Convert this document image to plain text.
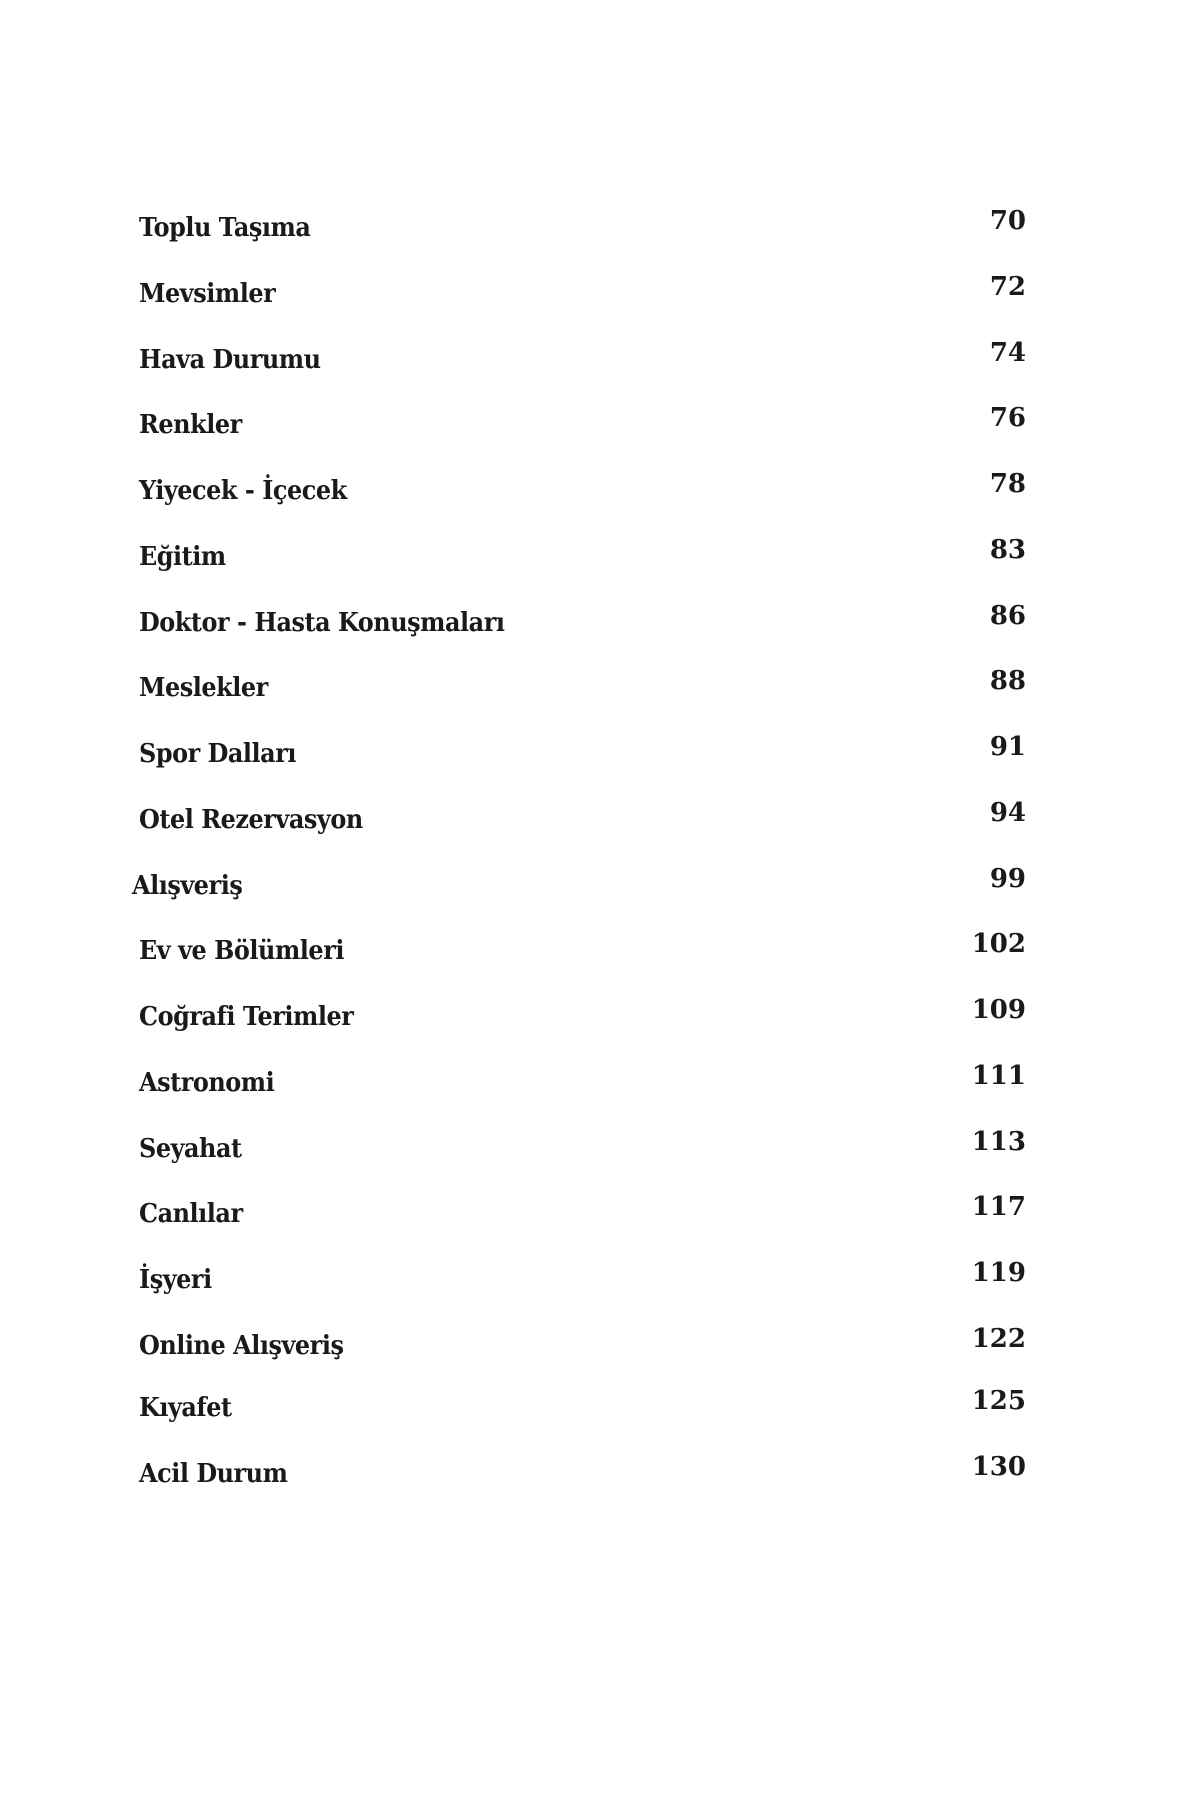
Toplu Taşıma	70
Mevsimler	72
Hava Durumu	74
Renkler	76
Yiyecek - İçecek	78
Eğitim	83
Doktor - Hasta Konuşmaları	86
Meslekler	88
Spor Dalları	91
Otel Rezervasyon	94
Alışveriş	99
Ev ve Bölümleri	102
Coğrafi Terimler	109
Astronomi	111
Seyahat	113
Canlılar	117
İşyeri	119
Online Alışveriş	122
Kıyafet	125
Acil Durum	130
